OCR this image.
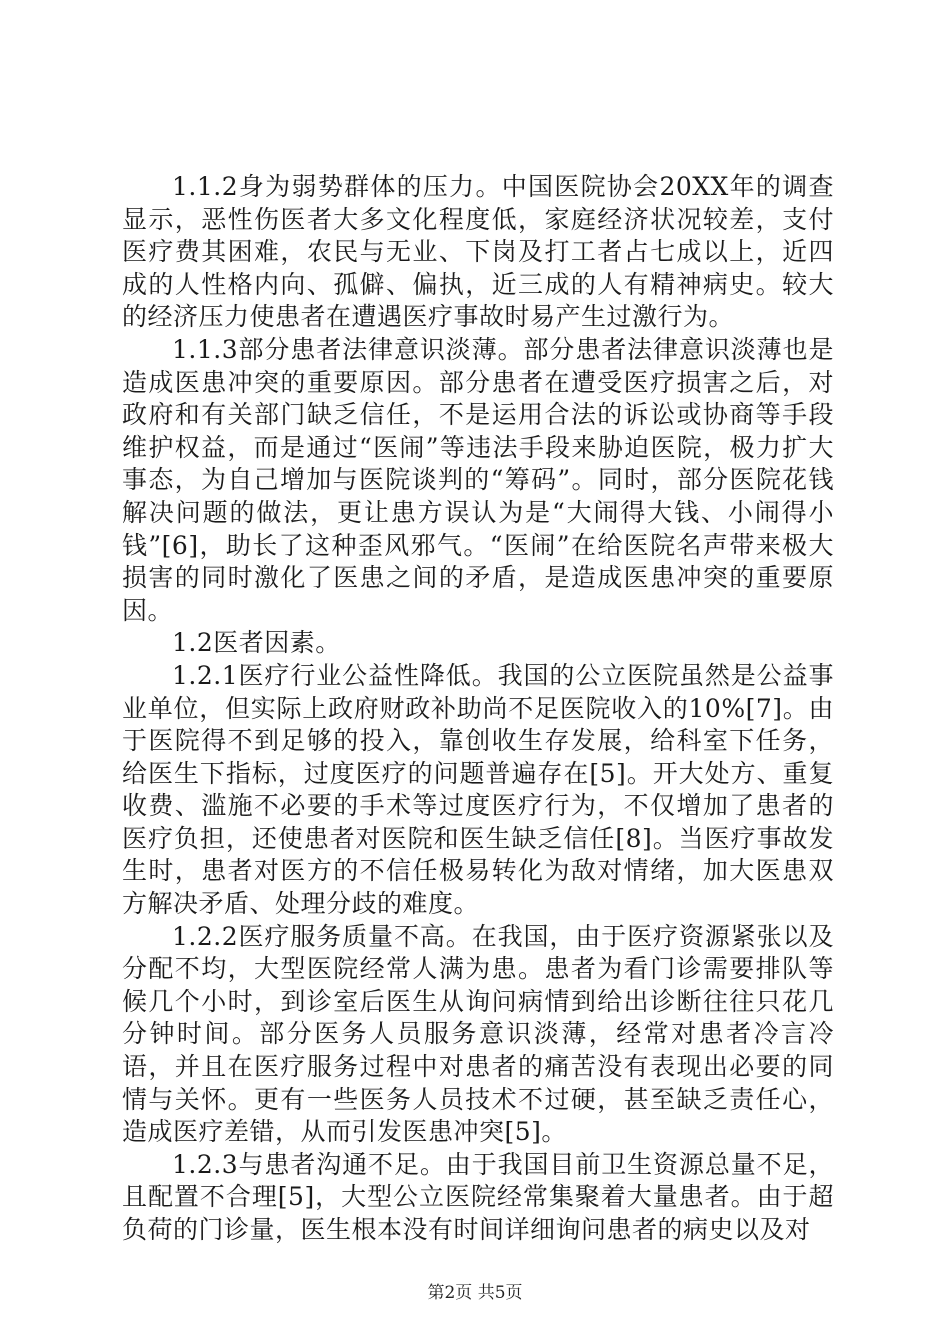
1.1.2身为弱势群体的压力。中国医院协会20XX年的调查显示，恶性伤医者大多文化程度低，家庭经济状况较差，支付医疗费其困难，农民与无业、下岗及打工者占七成以上，近四成的人性格内向、孤僻、偏执，近三成的人有精神病史。较大的经济压力使患者在遭遇医疗事故时易产生过激行为。

1.1.3部分患者法律意识淡薄。部分患者法律意识淡薄也是造成医患冲突的重要原因。部分患者在遭受医疗损害之后，对政府和有关部门缺乏信任，不是运用合法的诉讼或协商等手段维护权益，而是通过“医闹”等违法手段来胁迫医院，极力扩大事态，为自己增加与医院谈判的“筹码”。同时，部分医院花钱解决问题的做法，更让患方误认为是“大闹得大钱、小闹得小钱”[6]，助长了这种歪风邪气。“医闹”在给医院名声带来极大损害的同时激化了医患之间的矛盾，是造成医患冲突的重要原因。

1.2医者因素。

1.2.1医疗行业公益性降低。我国的公立医院虽然是公益事业单位，但实际上政府财政补助尚不足医院收入的10%[7]。由于医院得不到足够的投入，靠创收生存发展，给科室下任务，给医生下指标，过度医疗的问题普遍存在[5]。开大处方、重复收费、滥施不必要的手术等过度医疗行为，不仅增加了患者的医疗负担，还使患者对医院和医生缺乏信任[8]。当医疗事故发生时，患者对医方的不信任极易转化为敌对情绪，加大医患双方解决矛盾、处理分歧的难度。

1.2.2医疗服务质量不高。在我国，由于医疗资源紧张以及分配不均，大型医院经常人满为患。患者为看门诊需要排队等候几个小时，到诊室后医生从询问病情到给出诊断往往只花几分钟时间。部分医务人员服务意识淡薄，经常对患者冷言冷语，并且在医疗服务过程中对患者的痛苦没有表现出必要的同情与关怀。更有一些医务人员技术不过硬，甚至缺乏责任心，造成医疗差错，从而引发医患冲突[5]。

1.2.3与患者沟通不足。由于我国目前卫生资源总量不足，且配置不合理[5]，大型公立医院经常集聚着大量患者。由于超负荷的门诊量，医生根本没有时间详细询问患者的病史以及对

第2页 共5页
